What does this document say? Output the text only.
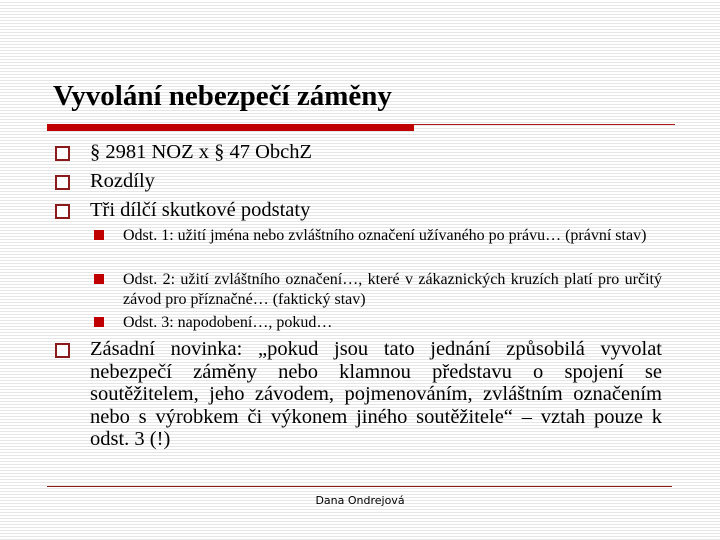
Vyvolání nebezpečí záměny
§ 2981 NOZ x § 47 ObchZ
Rozdíly
Tři dílčí skutkové podstaty
Odst. 1: užití jména nebo zvláštního označení užívaného po právu… (právní stav)
Odst. 2: užití zvláštního označení…, které v zákaznických kruzích platí pro určitý závod pro příznačné… (faktický stav)
Odst. 3: napodobení…, pokud…
Zásadní novinka: „pokud jsou tato jednání způsobilá vyvolat nebezpečí záměny nebo klamnou představu o spojení se soutěžitelem, jeho závodem, pojmenováním, zvláštním označením nebo s výrobkem či výkonem jiného soutěžitele“ – vztah pouze k odst. 3 (!)
Dana Ondrejová
